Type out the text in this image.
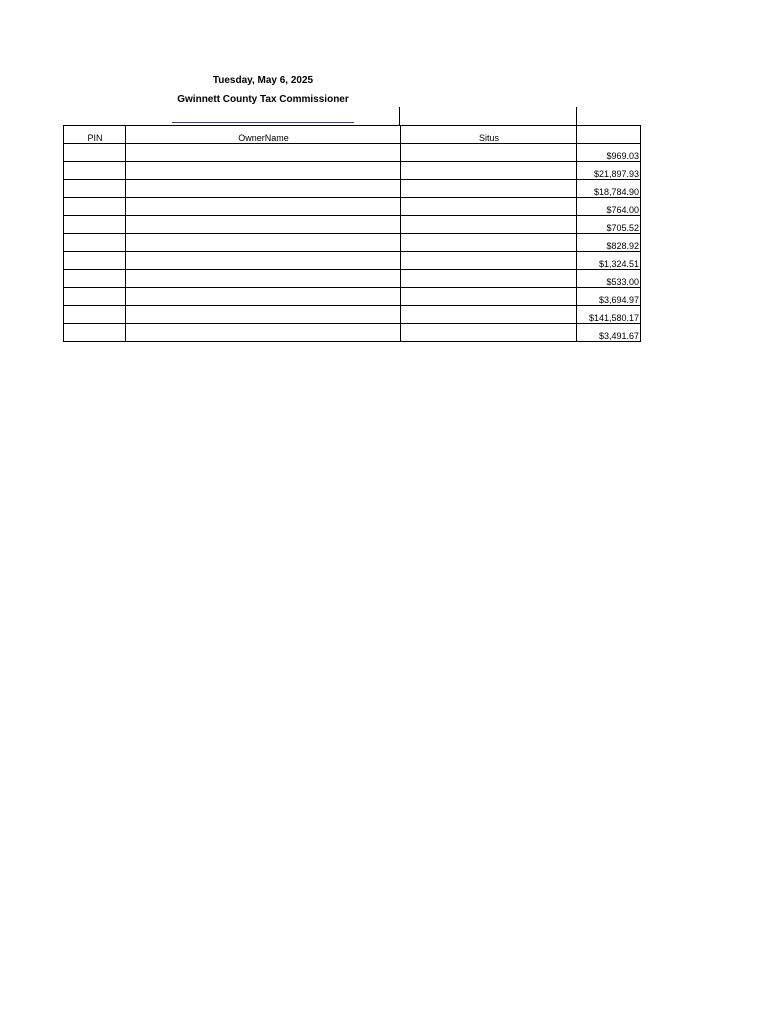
Tuesday, May 6, 2025
Gwinnett County Tax Commissioner
PIN	OwnerName	Situs	
			$969.03
			$21,897.93
			$18,784.90
			$764.00
			$705.52
			$828.92
			$1,324.51
			$533.00
			$3,694.97
			$141,580.17
			$3,491.67
